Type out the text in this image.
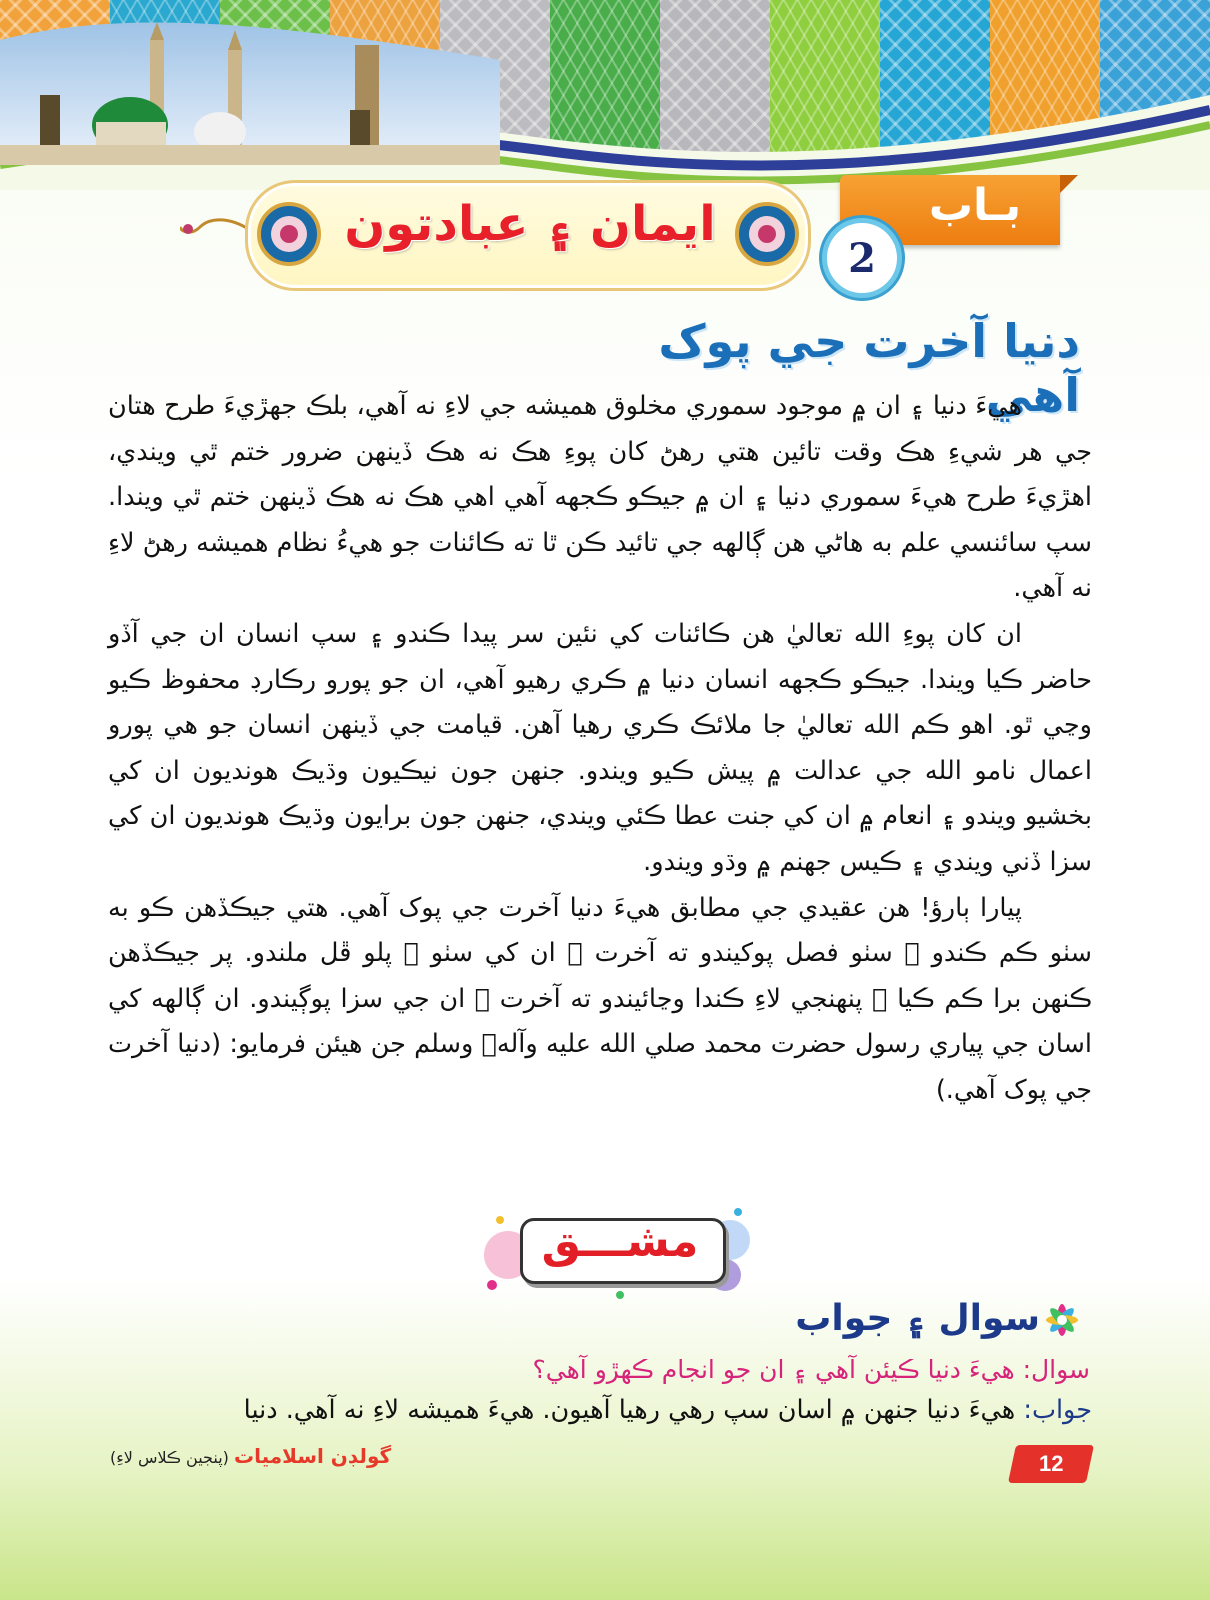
ايمان ۽ عبادتون	بـاب
2
دنيا آخرت جي پوک آهي

هيءَ دنيا ۽ ان ۾ موجود سموري مخلوق هميشه جي لاءِ نه آهي، بلڪ جهڙيءَ طرح هتان جي هر شيءِ هڪ وقت تائين هتي رهڻ کان پوءِ هڪ نه هڪ ڏينهن ضرور ختم ٿي ويندي، اهڙيءَ طرح هيءَ سموري دنيا ۽ ان ۾ جيڪو ڪجهه آهي اهي هڪ نه هڪ ڏينهن ختم ٿي ويندا. سپ سائنسي علم به هاڻي هن ڳالهه جي تائيد ڪن ٿا ته ڪائنات جو هيءُ نظام هميشه رهڻ لاءِ نه آهي.

ان کان پوءِ الله تعاليٰ هن ڪائنات کي نئين سر پيدا ڪندو ۽ سپ انسان ان جي آڏو حاضر ڪيا ويندا. جيڪو ڪجهه انسان دنيا ۾ ڪري رهيو آهي، ان جو پورو رڪارڊ محفوظ ڪيو وڃي ٿو. اهو ڪم الله تعاليٰ جا ملائڪ ڪري رهيا آهن. قيامت جي ڏينهن انسان جو هي پورو اعمال نامو الله جي عدالت ۾ پيش ڪيو ويندو. جنهن جون نيڪيون وڌيڪ هونديون ان کي بخشيو ويندو ۽ انعام ۾ ان کي جنت عطا ڪئي ويندي، جنهن جون برايون وڌيڪ هونديون ان کي سزا ڏني ويندي ۽ ڪيس جهنم ۾ وڌو ويندو.

پيارا ٻارؤ! هن عقيدي جي مطابق هيءَ دنيا آخرت جي پوک آهي. هتي جيڪڏهن ڪو به سٺو ڪم ڪندو ۽ سٺو فصل پوکيندو ته آخرت ۾ ان کي سٺو ۽ پلو ڦل ملندو. پر جيڪڏهن ڪنهن برا ڪم ڪيا ۽ پنهنجي لاءِ ڪندا وڃائيندو ته آخرت ۾ ان جي سزا پوڳيندو. ان ڳالهه کي اسان جي پياري رسول حضرت محمد صلي الله عليه وآلهٖ وسلم جن هيئن فرمايو: (دنيا آخرت جي پوک آهي.)

مشـــق
سوال ۽ جواب
سوال: هيءَ دنيا ڪيئن آهي ۽ ان جو انجام ڪهڙو آهي؟
جواب: هيءَ دنيا جنهن ۾ اسان سپ رهي رهيا آهيون. هيءَ هميشه لاءِ نه آهي. دنيا
گولڊن اسلاميات (پنجين ڪلاس لاءِ)	12
